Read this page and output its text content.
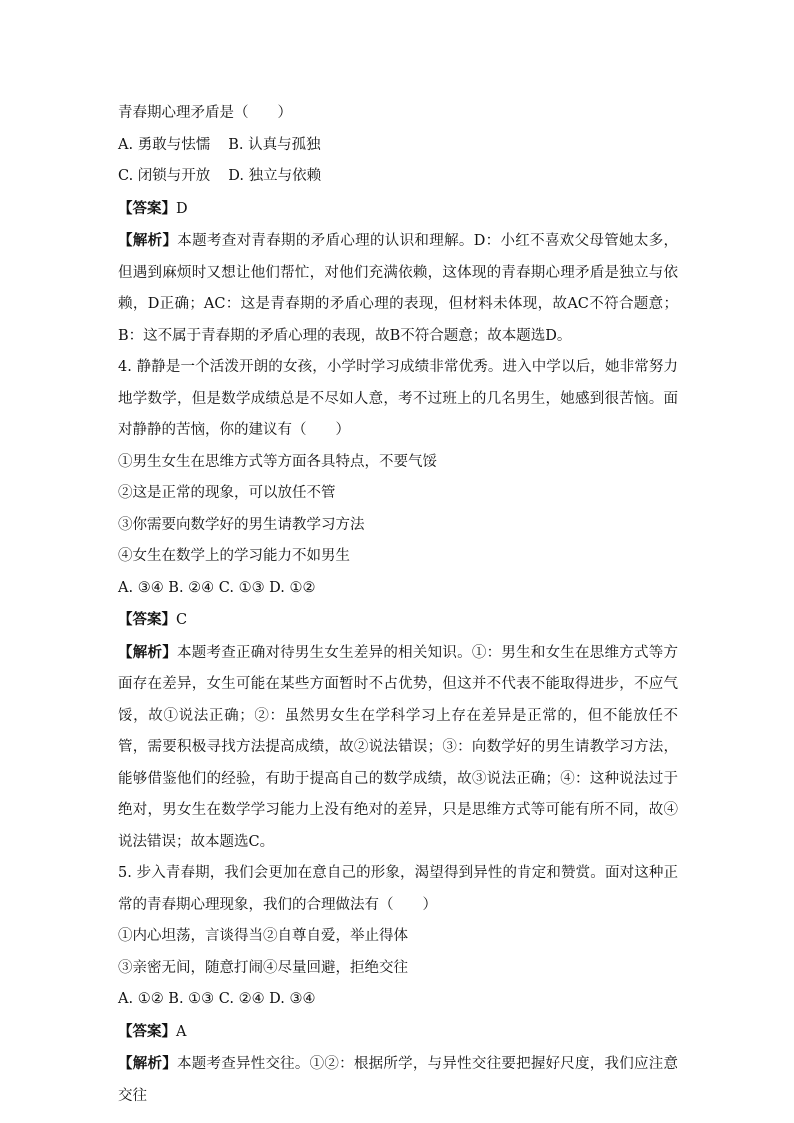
青春期心理矛盾是（　　）

A. 勇敢与怯懦 B. 认真与孤独

C. 闭锁与开放 D. 独立与依赖

【答案】D

【解析】本题考查对青春期的矛盾心理的认识和理解。D：小红不喜欢父母管她太多，但遇到麻烦时又想让他们帮忙，对他们充满依赖，这体现的青春期心理矛盾是独立与依赖，D正确；AC：这是青春期的矛盾心理的表现，但材料未体现，故AC不符合题意；B：这不属于青春期的矛盾心理的表现，故B不符合题意；故本题选D。

4. 静静是一个活泼开朗的女孩，小学时学习成绩非常优秀。进入中学以后，她非常努力地学数学，但是数学成绩总是不尽如人意，考不过班上的几名男生，她感到很苦恼。面对静静的苦恼，你的建议有（　　）

①男生女生在思维方式等方面各具特点，不要气馁

②这是正常的现象，可以放任不管

③你需要向数学好的男生请教学习方法

④女生在数学上的学习能力不如男生

A. ③④ B. ②④ C. ①③ D. ①②

【答案】C

【解析】本题考查正确对待男生女生差异的相关知识。①：男生和女生在思维方式等方面存在差异，女生可能在某些方面暂时不占优势，但这并不代表不能取得进步，不应气馁，故①说法正确；②：虽然男女生在学科学习上存在差异是正常的，但不能放任不管，需要积极寻找方法提高成绩，故②说法错误；③：向数学好的男生请教学习方法，能够借鉴他们的经验，有助于提高自己的数学成绩，故③说法正确；④：这种说法过于绝对，男女生在数学学习能力上没有绝对的差异，只是思维方式等可能有所不同，故④说法错误；故本题选C。

5. 步入青春期，我们会更加在意自己的形象，渴望得到异性的肯定和赞赏。面对这种正常的青春期心理现象，我们的合理做法有（　　）

①内心坦荡，言谈得当②自尊自爱，举止得体

③亲密无间，随意打闹④尽量回避，拒绝交往

A. ①② B. ①③ C. ②④ D. ③④

【答案】A

【解析】本题考查异性交往。①②：根据所学，与异性交往要把握好尺度，我们应注意交往
